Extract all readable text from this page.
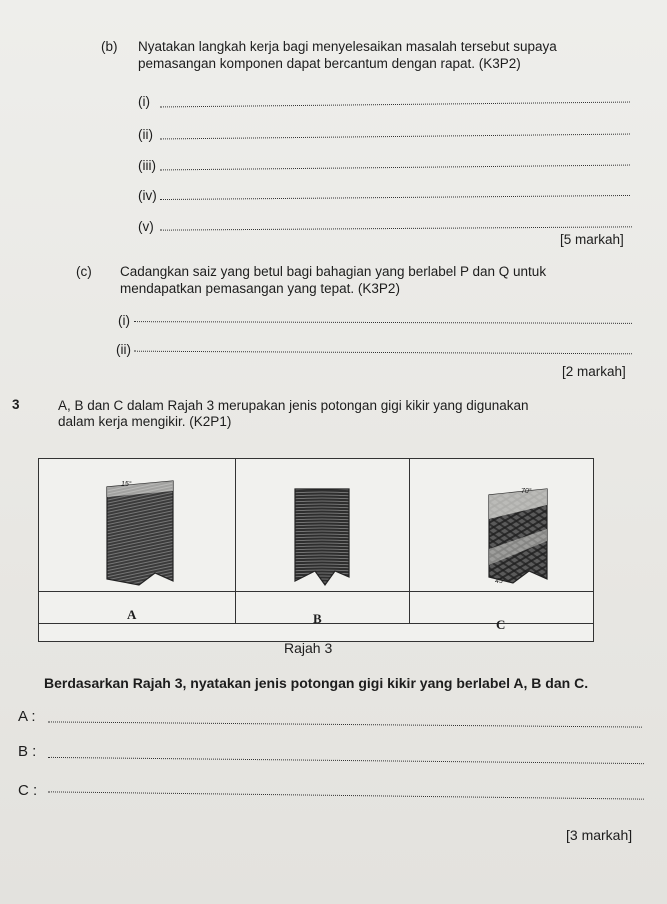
(b) Nyatakan langkah kerja bagi menyelesaikan masalah tersebut supaya
pemasangan komponen dapat bercantum dengan rapat. (K3P2)
(i)
(ii)
(iii)
(iv)
(v)
[5 markah]
(c) Cadangkan saiz yang betul bagi bahagian yang berlabel P dan Q untuk
mendapatkan pemasangan yang tepat. (K3P2)
(i)
(ii)
[2 markah]
3	A, B dan C dalam Rajah 3 merupakan jenis potongan gigi kikir yang digunakan
dalam kerja mengikir. (K2P1)
15°
70°
45°
A	B	C
Rajah 3
Berdasarkan Rajah 3, nyatakan jenis potongan gigi kikir yang berlabel A, B dan C.
A :
B :
C :
[3 markah]
